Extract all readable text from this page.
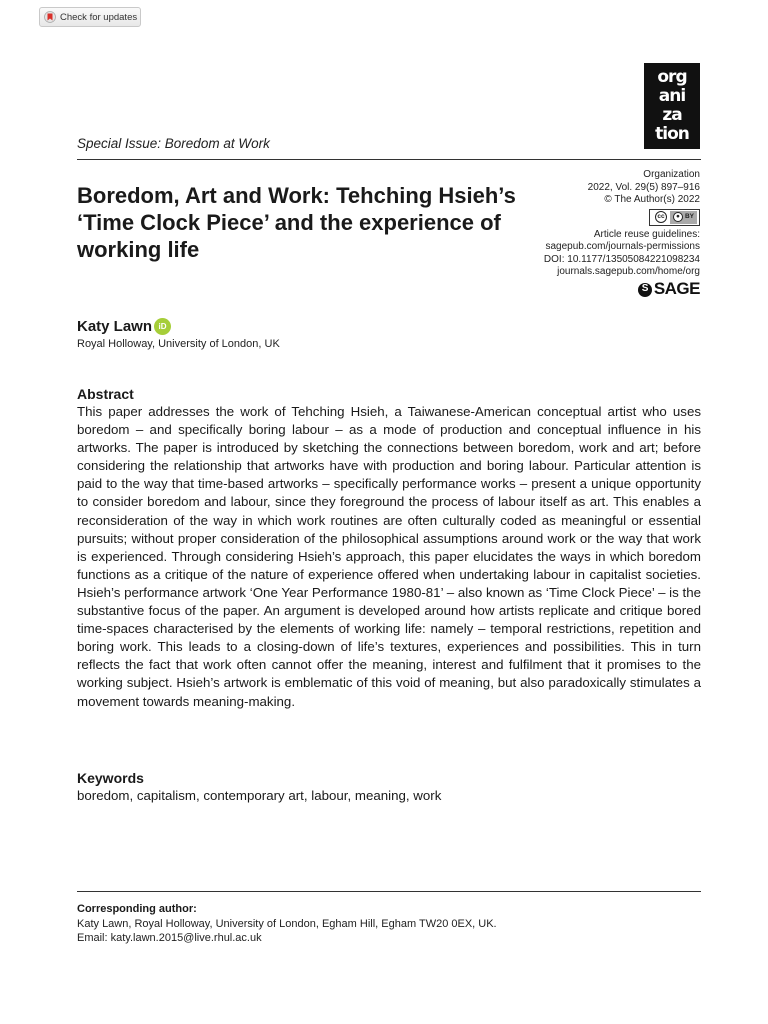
Check for updates
org
ani
za
tion
Special Issue: Boredom at Work
Organization
2022, Vol. 29(5) 897–916
© The Author(s) 2022
cc	● BY
Article reuse guidelines:
sagepub.com/journals-permissions
DOI: 10.1177/13505084221098234
journals.sagepub.com/home/org
S SAGE
Boredom, Art and Work: Tehching Hsieh’s ‘Time Clock Piece’ and the experience of working life
Katy Lawn iD
Royal Holloway, University of London, UK
Abstract

This paper addresses the work of Tehching Hsieh, a Taiwanese-American conceptual artist who uses boredom – and specifically boring labour – as a mode of production and conceptual influence in his artworks. The paper is introduced by sketching the connections between boredom, work and art; before considering the relationship that artworks have with production and boring labour. Particular attention is paid to the way that time-based artworks – specifically performance works – present a unique opportunity to consider boredom and labour, since they foreground the process of labour itself as art. This enables a reconsideration of the way in which work routines are often culturally coded as meaningful or essential pursuits; without proper consideration of the philosophical assumptions around work or the way that work is experienced. Through considering Hsieh’s approach, this paper elucidates the ways in which boredom functions as a critique of the nature of experience offered when undertaking labour in capitalist societies. Hsieh’s performance artwork ‘One Year Performance 1980-81’ – also known as ‘Time Clock Piece’ – is the substantive focus of the paper. An argument is developed around how artists replicate and critique bored time-spaces characterised by the elements of working life: namely – temporal restrictions, repetition and boring work. This leads to a closing-down of life’s textures, experiences and possibilities. This in turn reflects the fact that work often cannot offer the meaning, interest and fulfilment that it promises to the working subject. Hsieh’s artwork is emblematic of this void of meaning, but also paradoxically stimulates a movement towards meaning-making.

Keywords
boredom, capitalism, contemporary art, labour, meaning, work
Corresponding author:
Katy Lawn, Royal Holloway, University of London, Egham Hill, Egham TW20 0EX, UK.
Email: katy.lawn.2015@live.rhul.ac.uk
